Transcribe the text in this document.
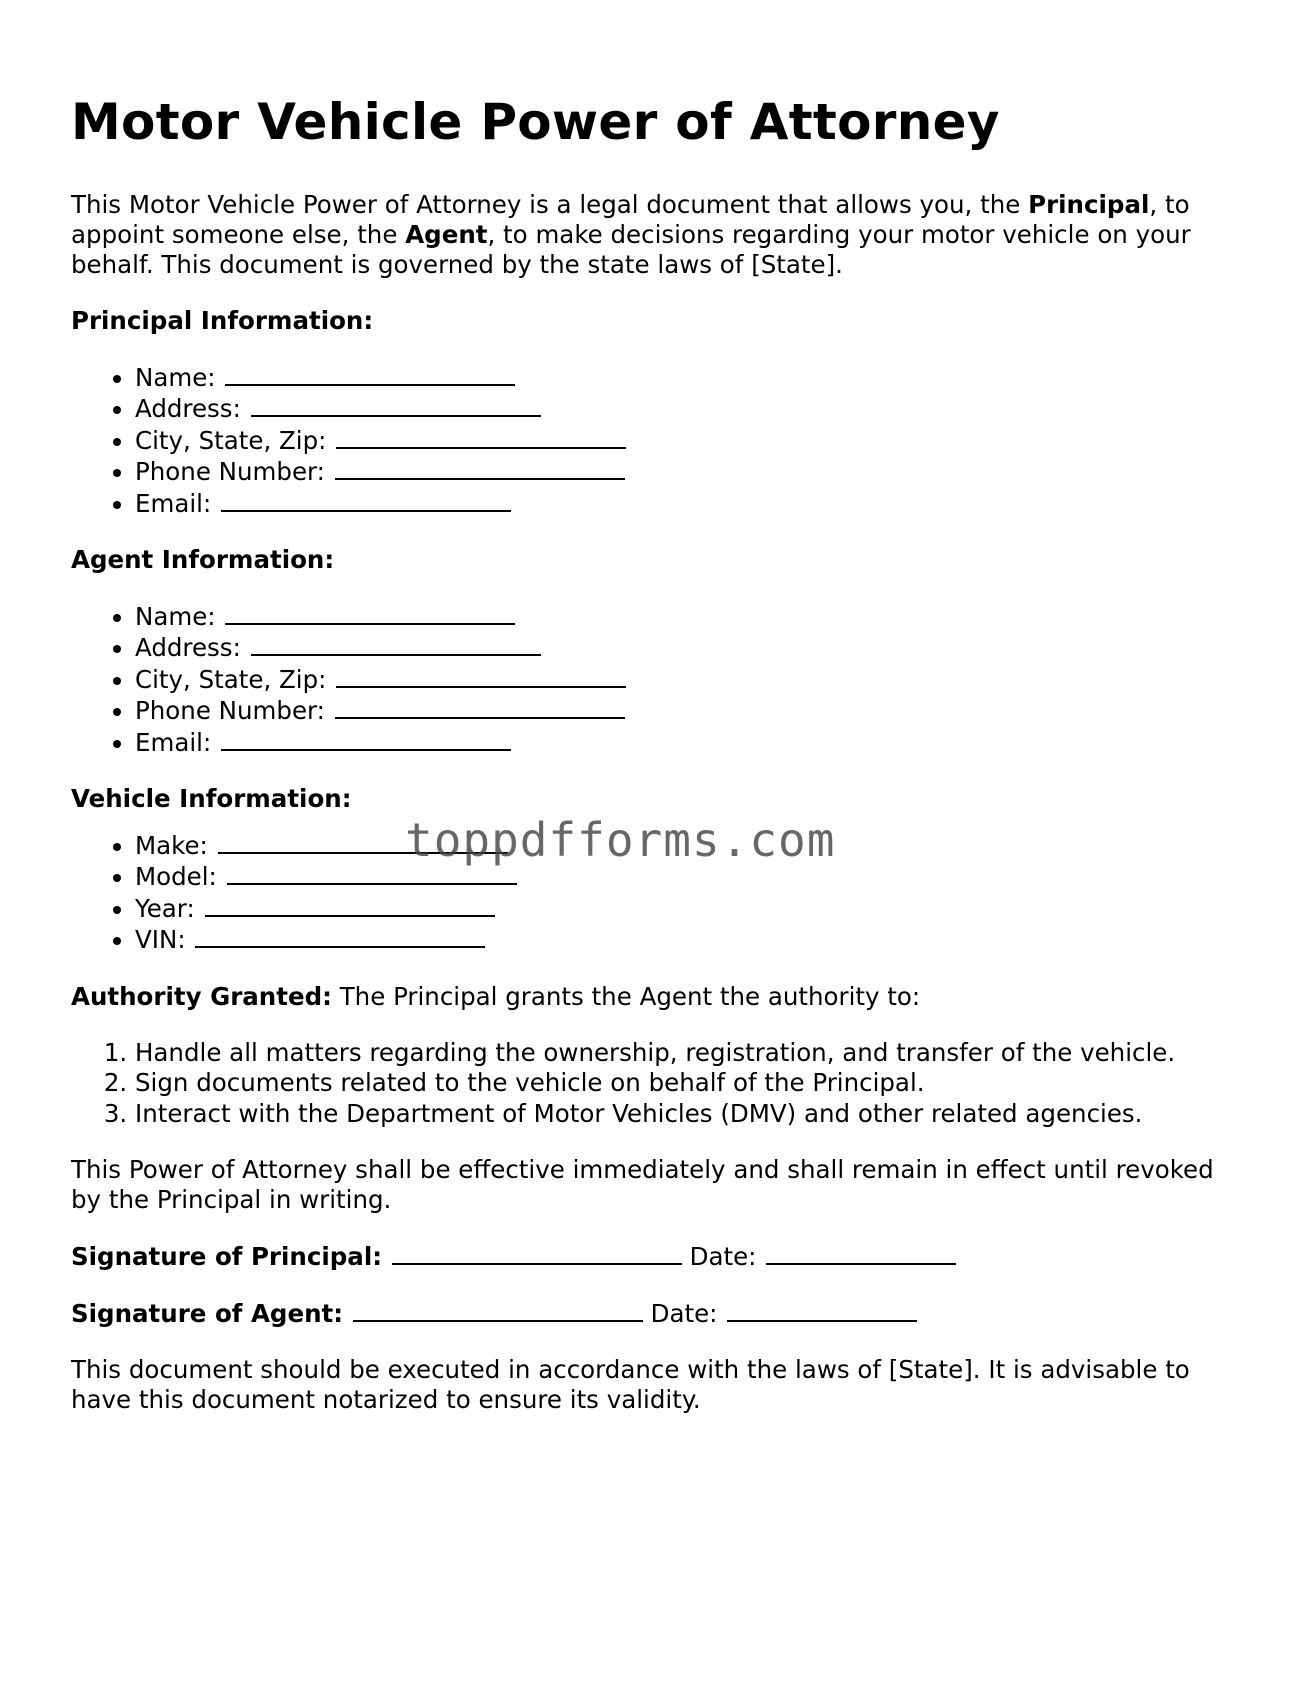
Motor Vehicle Power of Attorney

This Motor Vehicle Power of Attorney is a legal document that allows you, the Principal, to appoint someone else, the Agent, to make decisions regarding your motor vehicle on your behalf. This document is governed by the state laws of [State].

Principal Information:
• Name:
• Address:
• City, State, Zip:
• Phone Number:
• Email:
Agent Information:
• Name:
• Address:
• City, State, Zip:
• Phone Number:
• Email:
Vehicle Information:
• Make:
• Model:
• Year:
• VIN:

Authority Granted: The Principal grants the Agent the authority to:

1. Handle all matters regarding the ownership, registration, and transfer of the vehicle.
2. Sign documents related to the vehicle on behalf of the Principal.
3. Interact with the Department of Motor Vehicles (DMV) and other related agencies.

This Power of Attorney shall be effective immediately and shall remain in effect until revoked by the Principal in writing.

Signature of Principal:	Date:

Signature of Agent:	Date:

This document should be executed in accordance with the laws of [State]. It is advisable to have this document notarized to ensure its validity.

toppdfforms.com
